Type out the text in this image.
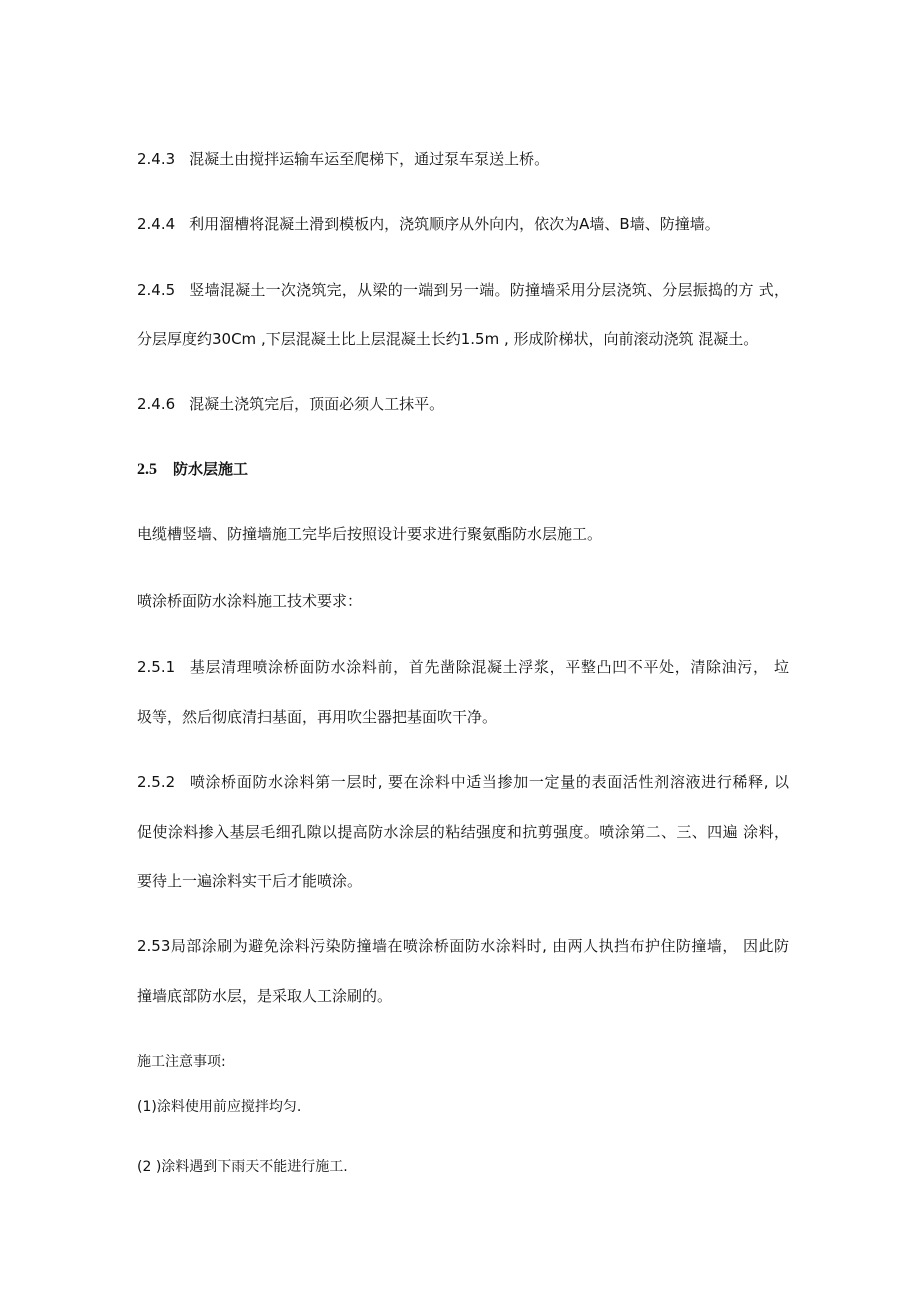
2.4.3 混凝土由搅拌运输车运至爬梯下，通过泵车泵送上桥。

2.4.4 利用溜槽将混凝土滑到模板内，浇筑顺序从外向内，依次为A墙、B墙、防撞墙。

2.4.5 竖墙混凝土一次浇筑完，从梁的一端到另一端。防撞墙采用分层浇筑、分层振捣的方 式，

分层厚度约30Cm ,下层混凝土比上层混凝土长约1.5m , 形成阶梯状，向前滚动浇筑 混凝土。

2.4.6 混凝土浇筑完后，顶面必须人工抹平。

2.5 防水层施工

电缆槽竖墙、防撞墙施工完毕后按照设计要求进行聚氨酯防水层施工。

喷涂桥面防水涂料施工技术要求：

2.5.1 基层清理喷涂桥面防水涂料前，首先凿除混凝土浮浆，平整凸凹不平处，清除油污， 垃

圾等，然后彻底清扫基面，再用吹尘器把基面吹干净。

2.5.2 喷涂桥面防水涂料第一层时, 要在涂料中适当掺加一定量的表面活性剂溶液进行稀释, 以

促使涂料掺入基层毛细孔隙以提高防水涂层的粘结强度和抗剪强度。喷涂第二、三、四遍 涂料，

要待上一遍涂料实干后才能喷涂。

2.53局部涂刷为避免涂料污染防撞墙在喷涂桥面防水涂料时, 由两人执挡布护住防撞墙， 因此防

撞墙底部防水层，是采取人工涂刷的。

施工注意事项:

(1)涂料使用前应搅拌均匀.

(2 )涂料遇到下雨天不能进行施工.
